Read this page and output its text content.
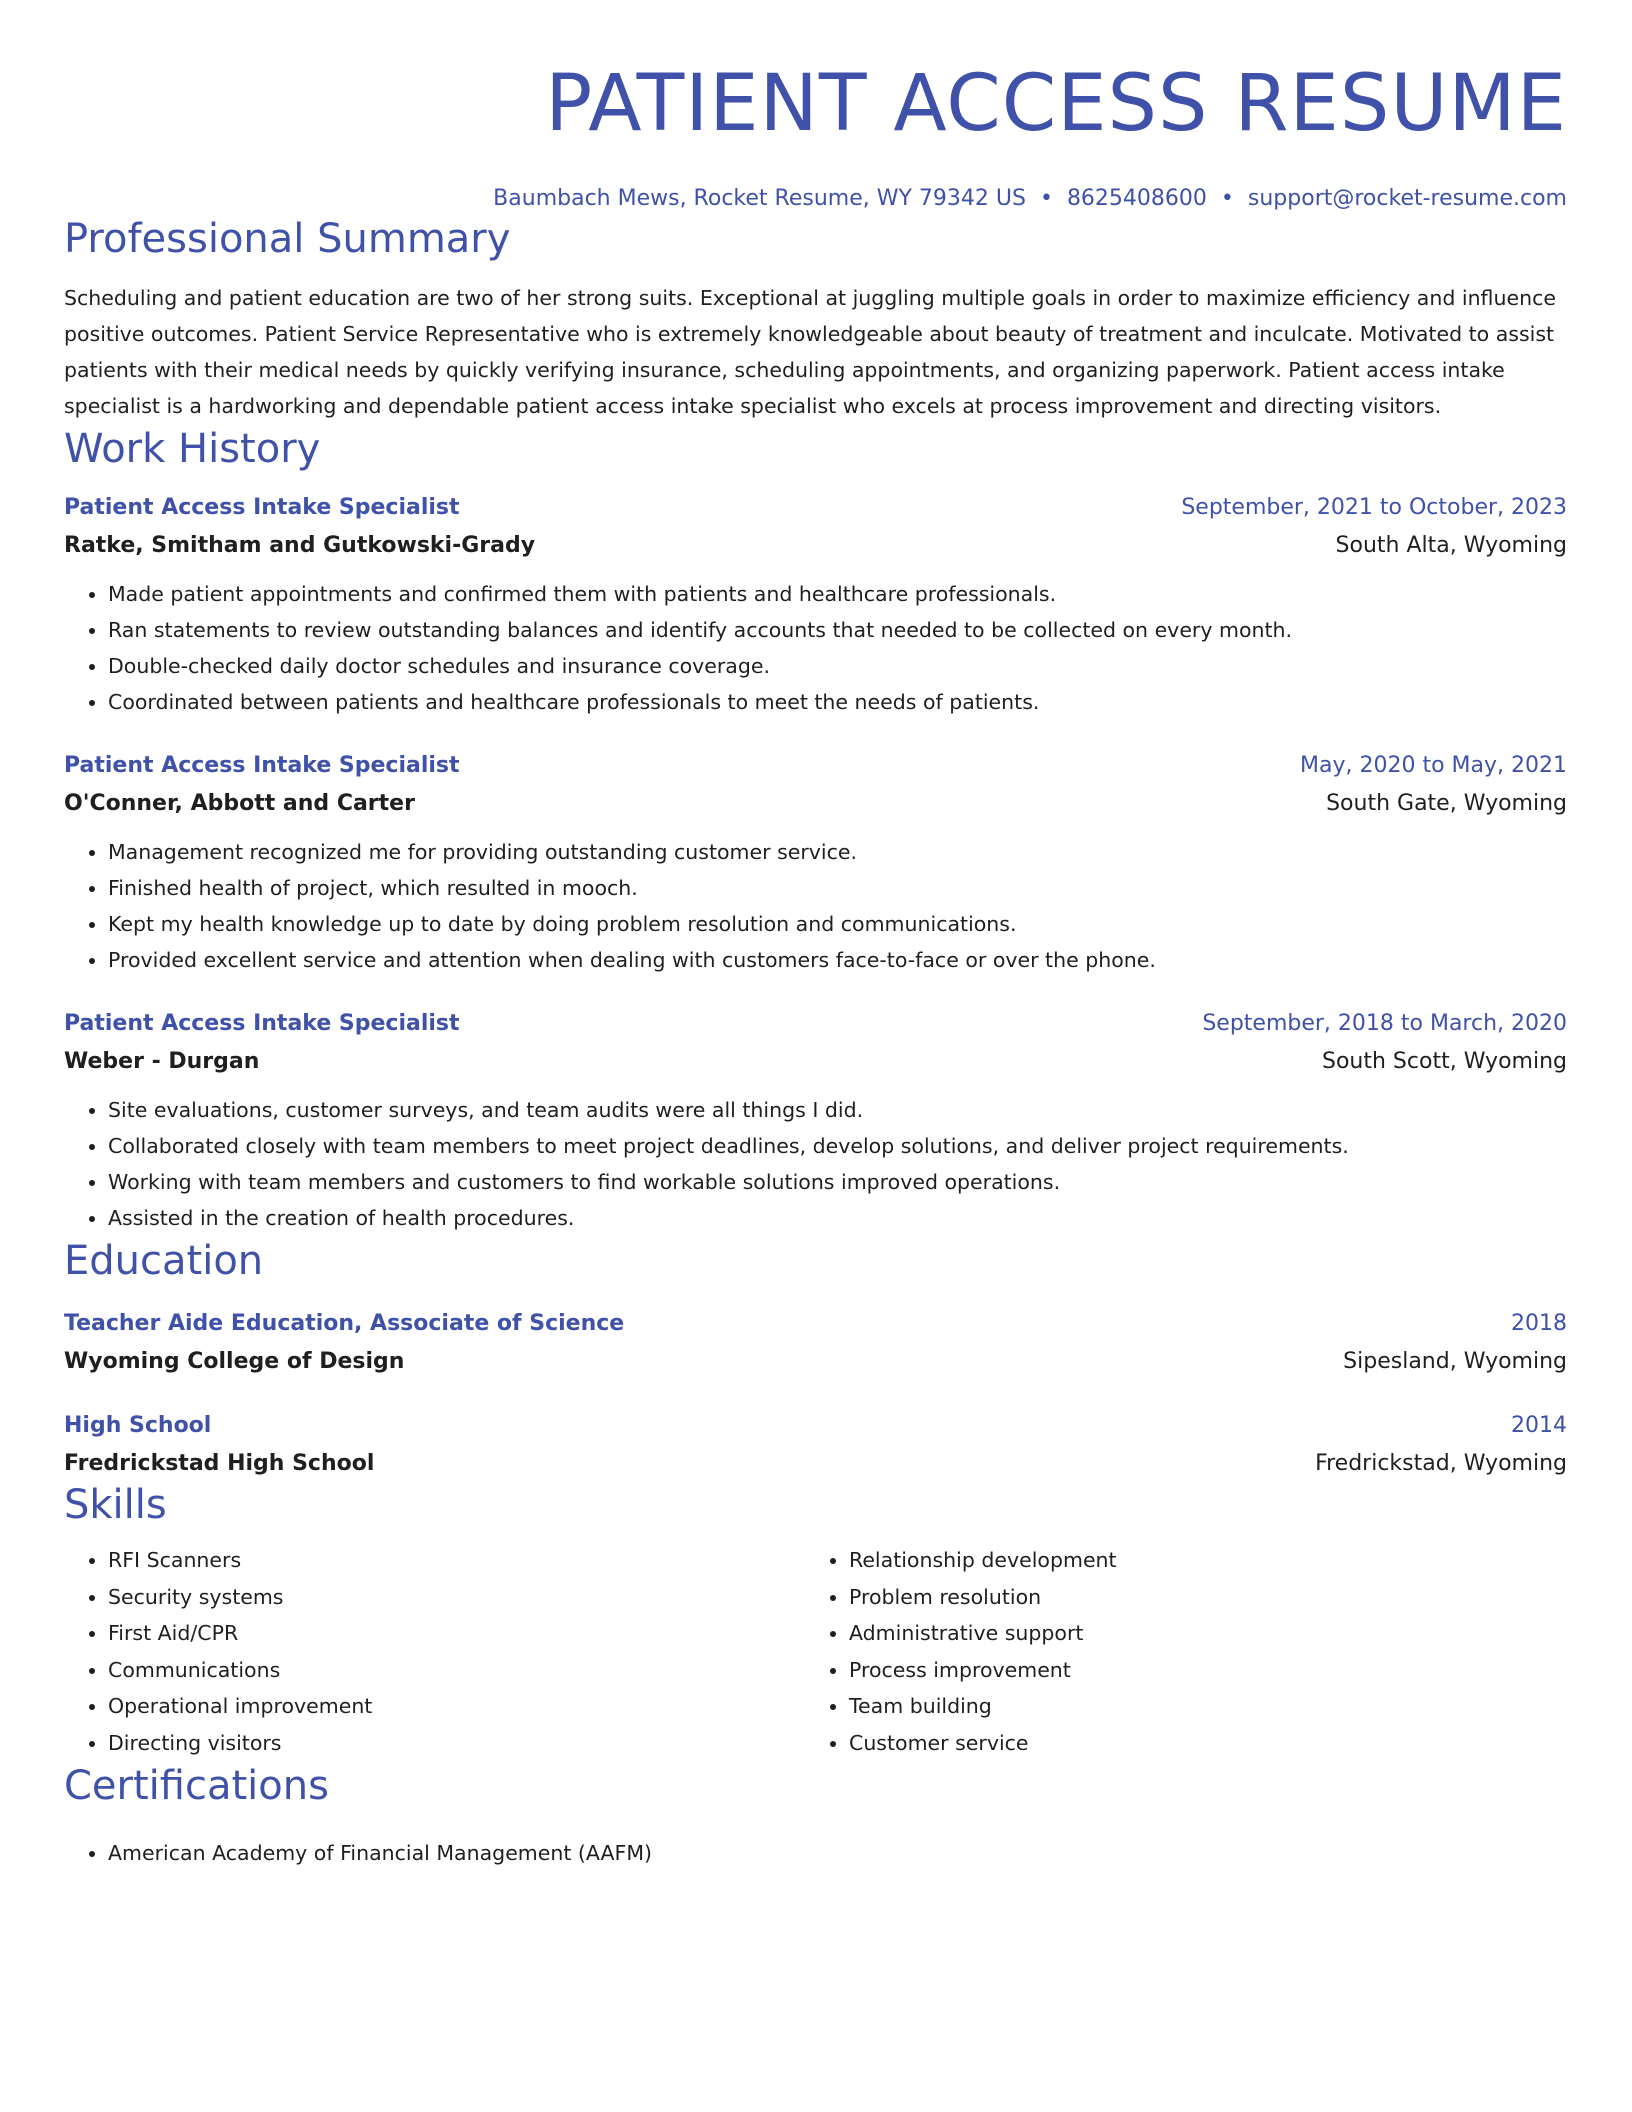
PATIENT ACCESS RESUME
Baumbach Mews, Rocket Resume, WY 79342 US • 8625408600 • support@rocket-resume.com
Professional Summary
Scheduling and patient education are two of her strong suits. Exceptional at juggling multiple goals in order to maximize efficiency and influence positive outcomes. Patient Service Representative who is extremely knowledgeable about beauty of treatment and inculcate. Motivated to assist patients with their medical needs by quickly verifying insurance, scheduling appointments, and organizing paperwork. Patient access intake specialist is a hardworking and dependable patient access intake specialist who excels at process improvement and directing visitors.
Work History
Patient Access Intake Specialist	September, 2021 to October, 2023
Ratke, Smitham and Gutkowski-Grady	South Alta, Wyoming
• Made patient appointments and confirmed them with patients and healthcare professionals.
• Ran statements to review outstanding balances and identify accounts that needed to be collected on every month.
• Double-checked daily doctor schedules and insurance coverage.
• Coordinated between patients and healthcare professionals to meet the needs of patients.
Patient Access Intake Specialist	May, 2020 to May, 2021
O'Conner, Abbott and Carter	South Gate, Wyoming
• Management recognized me for providing outstanding customer service.
• Finished health of project, which resulted in mooch.
• Kept my health knowledge up to date by doing problem resolution and communications.
• Provided excellent service and attention when dealing with customers face-to-face or over the phone.
Patient Access Intake Specialist	September, 2018 to March, 2020
Weber - Durgan	South Scott, Wyoming
• Site evaluations, customer surveys, and team audits were all things I did.
• Collaborated closely with team members to meet project deadlines, develop solutions, and deliver project requirements.
• Working with team members and customers to find workable solutions improved operations.
• Assisted in the creation of health procedures.
Education
Teacher Aide Education, Associate of Science	2018
Wyoming College of Design	Sipesland, Wyoming
High School	2014
Fredrickstad High School	Fredrickstad, Wyoming
Skills
• RFI Scanners
• Security systems
• First Aid/CPR
• Communications
• Operational improvement
• Directing visitors
• Relationship development
• Problem resolution
• Administrative support
• Process improvement
• Team building
• Customer service
Certifications
• American Academy of Financial Management (AAFM)
